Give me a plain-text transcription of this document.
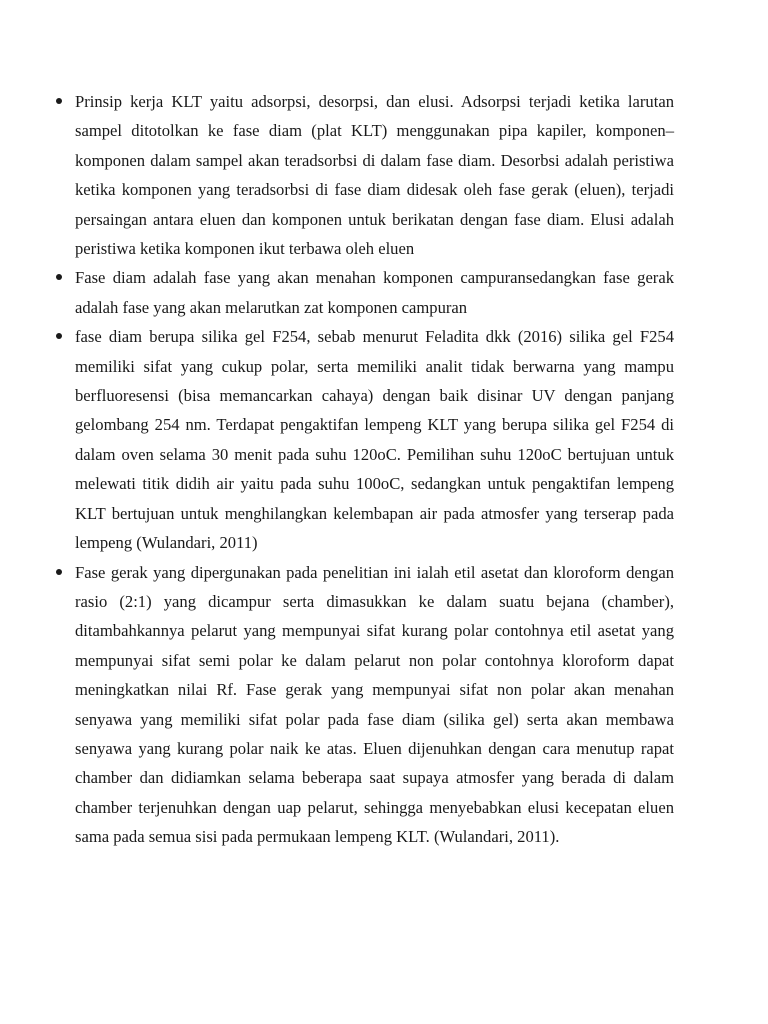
Prinsip kerja KLT yaitu adsorpsi, desorpsi, dan elusi. Adsorpsi terjadi ketika larutan sampel ditotolkan ke fase diam (plat KLT) menggunakan pipa kapiler, komponen–komponen dalam sampel akan teradsorbsi di dalam fase diam. Desorbsi adalah peristiwa ketika komponen yang teradsorbsi di fase diam didesak oleh fase gerak (eluen), terjadi persaingan antara eluen dan komponen untuk berikatan dengan fase diam. Elusi adalah peristiwa ketika komponen ikut terbawa oleh eluen
Fase diam adalah fase yang akan menahan komponen campuransedangkan fase gerak adalah fase yang akan melarutkan zat komponen campuran
fase diam berupa silika gel F254, sebab menurut Feladita dkk (2016) silika gel F254 memiliki sifat yang cukup polar, serta memiliki analit tidak berwarna yang mampu berfluoresensi (bisa memancarkan cahaya) dengan baik disinar UV dengan panjang gelombang 254 nm. Terdapat pengaktifan lempeng KLT yang berupa silika gel F254 di dalam oven selama 30 menit pada suhu 120oC. Pemilihan suhu 120oC bertujuan untuk melewati titik didih air yaitu pada suhu 100oC, sedangkan untuk pengaktifan lempeng KLT bertujuan untuk menghilangkan kelembapan air pada atmosfer yang terserap pada lempeng (Wulandari, 2011)
Fase gerak yang dipergunakan pada penelitian ini ialah etil asetat dan kloroform dengan rasio (2:1) yang dicampur serta dimasukkan ke dalam suatu bejana (chamber), ditambahkannya pelarut yang mempunyai sifat kurang polar contohnya etil asetat yang mempunyai sifat semi polar ke dalam pelarut non polar contohnya kloroform dapat meningkatkan nilai Rf. Fase gerak yang mempunyai sifat non polar akan menahan senyawa yang memiliki sifat polar pada fase diam (silika gel) serta akan membawa senyawa yang kurang polar naik ke atas. Eluen dijenuhkan dengan cara menutup rapat chamber dan didiamkan selama beberapa saat supaya atmosfer yang berada di dalam chamber terjenuhkan dengan uap pelarut, sehingga menyebabkan elusi kecepatan eluen sama pada semua sisi pada permukaan lempeng KLT. (Wulandari, 2011).
